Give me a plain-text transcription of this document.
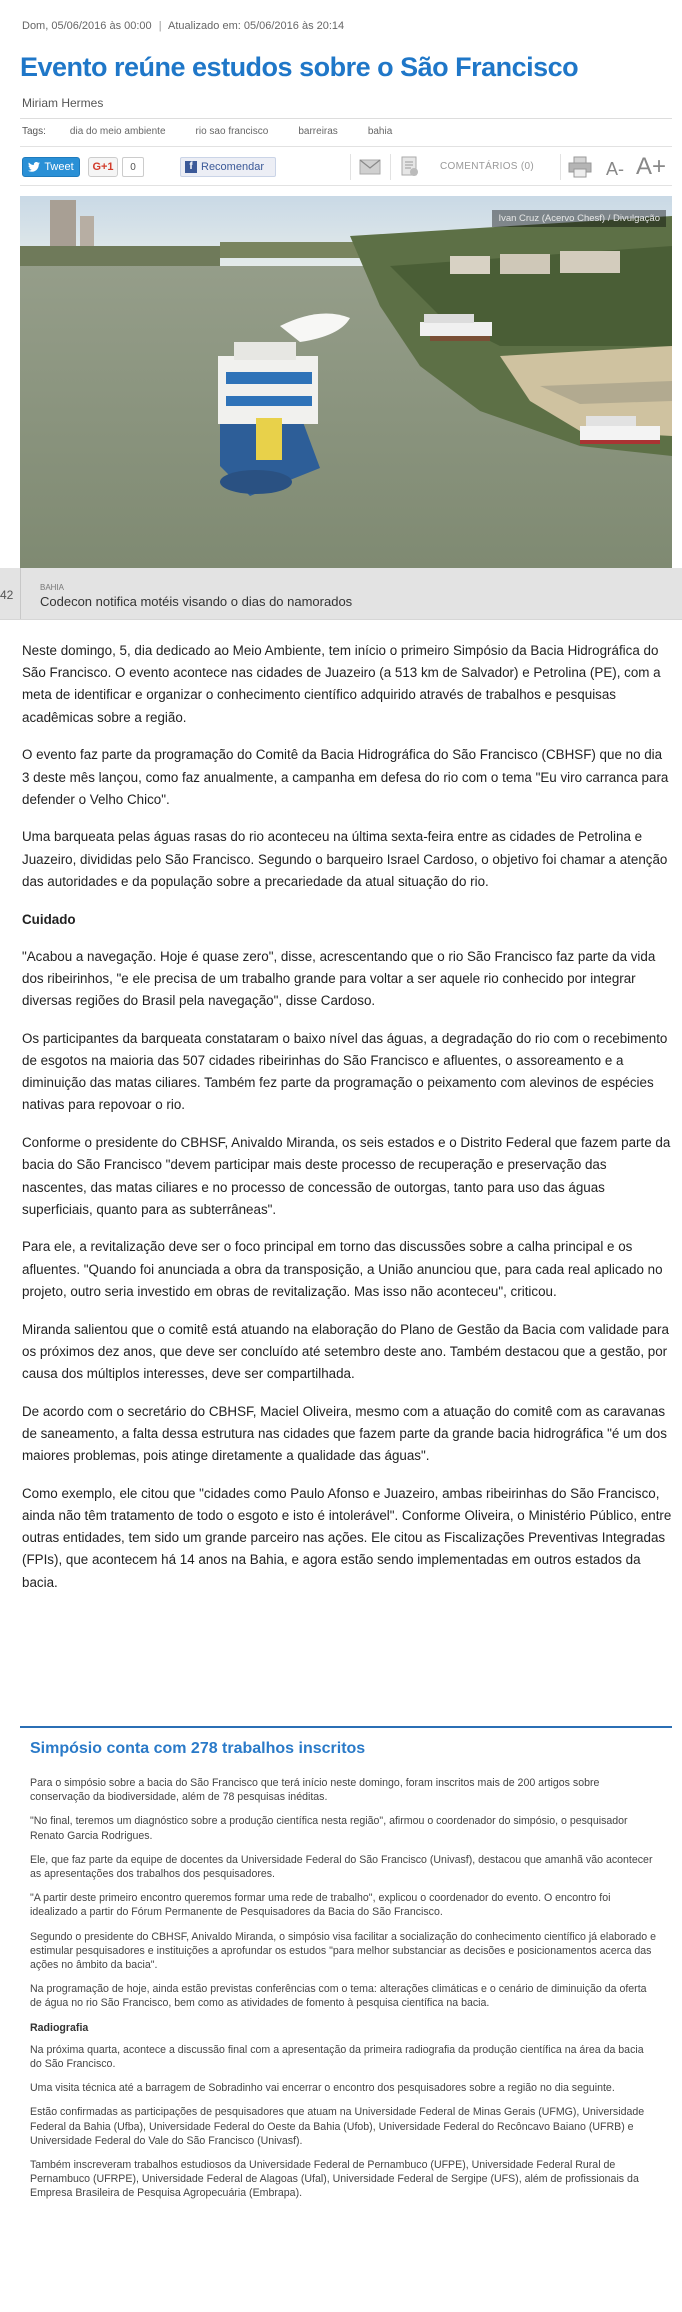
Dom, 05/06/2016 às 00:00 | Atualizado em: 05/06/2016 às 20:14
Evento reúne estudos sobre o São Francisco
Miriam Hermes
Tags: dia do meio ambiente	rio sao francisco	barreiras	bahia
Tweet	G+1	0	f Recomendar	COMENTÁRIOS (0)	A- A+
Ivan Cruz (Acervo Chesf) / Divulgação
42
BAHIA
Codecon notifica motéis visando o dias do namorados

Neste domingo, 5, dia dedicado ao Meio Ambiente, tem início o primeiro Simpósio da Bacia Hidrográfica do São Francisco. O evento acontece nas cidades de Juazeiro (a 513 km de Salvador) e Petrolina (PE), com a meta de identificar e organizar o conhecimento científico adquirido através de trabalhos e pesquisas acadêmicas sobre a região.

O evento faz parte da programação do Comitê da Bacia Hidrográfica do São Francisco (CBHSF) que no dia 3 deste mês lançou, como faz anualmente, a campanha em defesa do rio com o tema "Eu viro carranca para defender o Velho Chico".

Uma barqueata pelas águas rasas do rio aconteceu na última sexta-feira entre as cidades de Petrolina e Juazeiro, divididas pelo São Francisco. Segundo o barqueiro Israel Cardoso, o objetivo foi chamar a atenção das autoridades e da população sobre a precariedade da atual situação do rio.

Cuidado

"Acabou a navegação. Hoje é quase zero", disse, acrescentando que o rio São Francisco faz parte da vida dos ribeirinhos, "e ele precisa de um trabalho grande para voltar a ser aquele rio conhecido por integrar diversas regiões do Brasil pela navegação", disse Cardoso.

Os participantes da barqueata constataram o baixo nível das águas, a degradação do rio com o recebimento de esgotos na maioria das 507 cidades ribeirinhas do São Francisco e afluentes, o assoreamento e a diminuição das matas ciliares. Também fez parte da programação o peixamento com alevinos de espécies nativas para repovoar o rio.

Conforme o presidente do CBHSF, Anivaldo Miranda, os seis estados e o Distrito Federal que fazem parte da bacia do São Francisco "devem participar mais deste processo de recuperação e preservação das nascentes, das matas ciliares e no processo de concessão de outorgas, tanto para uso das águas superficiais, quanto para as subterrâneas".

Para ele, a revitalização deve ser o foco principal em torno das discussões sobre a calha principal e os afluentes. "Quando foi anunciada a obra da transposição, a União anunciou que, para cada real aplicado no projeto, outro seria investido em obras de revitalização. Mas isso não aconteceu", criticou.

Miranda salientou que o comitê está atuando na elaboração do Plano de Gestão da Bacia com validade para os próximos dez anos, que deve ser concluído até setembro deste ano. Também destacou que a gestão, por causa dos múltiplos interesses, deve ser compartilhada.

De acordo com o secretário do CBHSF, Maciel Oliveira, mesmo com a atuação do comitê com as caravanas de saneamento, a falta dessa estrutura nas cidades que fazem parte da grande bacia hidrográfica "é um dos maiores problemas, pois atinge diretamente a qualidade das águas".

Como exemplo, ele citou que "cidades como Paulo Afonso e Juazeiro, ambas ribeirinhas do São Francisco, ainda não têm tratamento de todo o esgoto e isto é intolerável". Conforme Oliveira, o Ministério Público, entre outras entidades, tem sido um grande parceiro nas ações. Ele citou as Fiscalizações Preventivas Integradas (FPIs), que acontecem há 14 anos na Bahia, e agora estão sendo implementadas em outros estados da bacia.

Simpósio conta com 278 trabalhos inscritos

Para o simpósio sobre a bacia do São Francisco que terá início neste domingo, foram inscritos mais de 200 artigos sobre conservação da biodiversidade, além de 78 pesquisas inéditas.

"No final, teremos um diagnóstico sobre a produção científica nesta região", afirmou o coordenador do simpósio, o pesquisador Renato Garcia Rodrigues.

Ele, que faz parte da equipe de docentes da Universidade Federal do São Francisco (Univasf), destacou que amanhã vão acontecer as apresentações dos trabalhos dos pesquisadores.

"A partir deste primeiro encontro queremos formar uma rede de trabalho", explicou o coordenador do evento. O encontro foi idealizado a partir do Fórum Permanente de Pesquisadores da Bacia do São Francisco.

Segundo o presidente do CBHSF, Anivaldo Miranda, o simpósio visa facilitar a socialização do conhecimento científico já elaborado e estimular pesquisadores e instituições a aprofundar os estudos "para melhor substanciar as decisões e posicionamentos acerca das ações no âmbito da bacia".

Na programação de hoje, ainda estão previstas conferências com o tema: alterações climáticas e o cenário de diminuição da oferta de água no rio São Francisco, bem como as atividades de fomento à pesquisa científica na bacia.

Radiografia

Na próxima quarta, acontece a discussão final com a apresentação da primeira radiografia da produção científica na área da bacia do São Francisco.

Uma visita técnica até a barragem de Sobradinho vai encerrar o encontro dos pesquisadores sobre a região no dia seguinte.

Estão confirmadas as participações de pesquisadores que atuam na Universidade Federal de Minas Gerais (UFMG), Universidade Federal da Bahia (Ufba), Universidade Federal do Oeste da Bahia (Ufob), Universidade Federal do Recôncavo Baiano (UFRB) e Universidade Federal do Vale do São Francisco (Univasf).

Também inscreveram trabalhos estudiosos da Universidade Federal de Pernambuco (UFPE), Universidade Federal Rural de Pernambuco (UFRPE), Universidade Federal de Alagoas (Ufal), Universidade Federal de Sergipe (UFS), além de profissionais da Empresa Brasileira de Pesquisa Agropecuária (Embrapa).
